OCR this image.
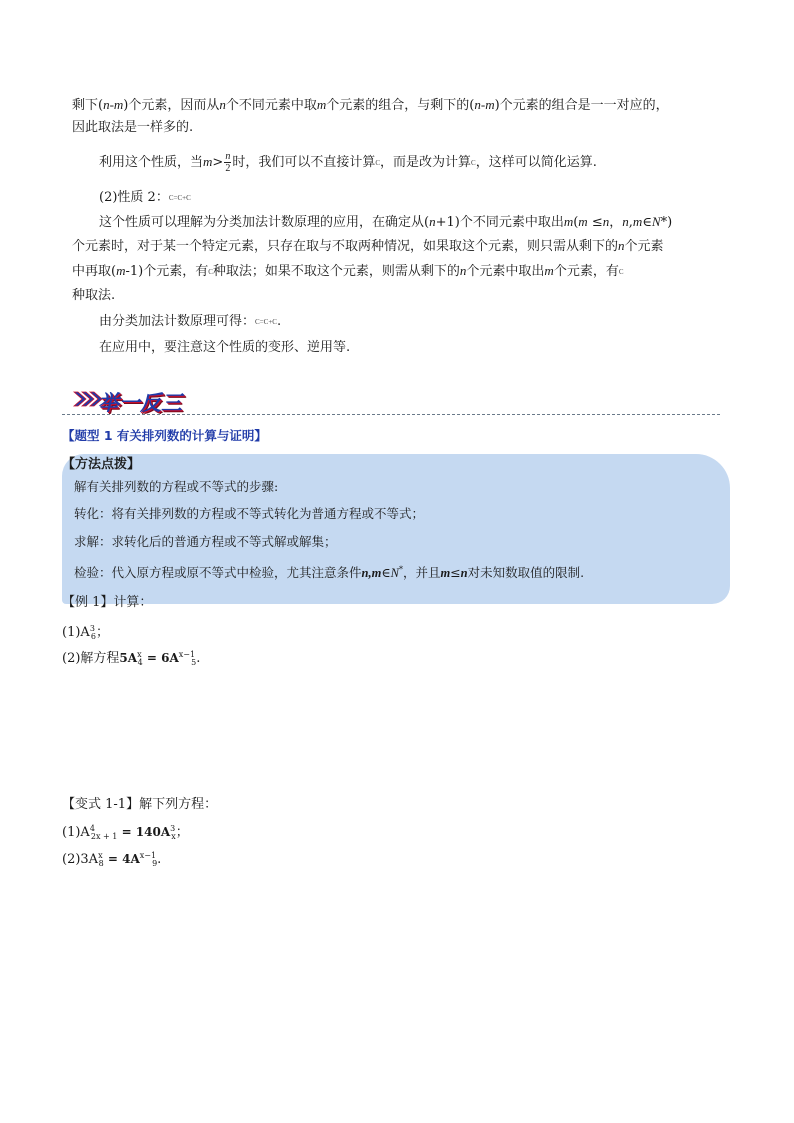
剩下(n-m)个元素，因而从n个不同元素中取m个元素的组合，与剩下的(n-m)个元素的组合是一一对应的，
因此取法是一样多的.
利用这个性质，当$m> \frac{n}{2}$ 时，我们可以不直接计算C，而是改为计算C，这样可以简化运算.
(2)性质 2：C=C+C
这个性质可以理解为分类加法计数原理的应用，在确定从(n+1)个不同元素中取出m(m ≤n，n,m∈N*)
个元素时，对于某一个特定元素，只存在取与不取两种情况，如果取这个元素，则只需从剩下的n个元素
中再取(m-1)个元素，有C种取法；如果不取这个元素，则需从剩下的n个元素中取出m个元素，有C
种取法.
由分类加法计数原理可得：C=C+C.
在应用中，要注意这个性质的变形、逆用等.
举一反三
【题型 1 有关排列数的计算与证明】
【方法点拨】
解有关排列数的方程或不等式的步骤:
转化：将有关排列数的方程或不等式转化为普通方程或不等式；
求解：求转化后的普通方程或不等式解或解集；
检验：代入原方程或原不等式中检验，尤其注意条件n,m∈N*，并且m≤n对未知数取值的限制.
【例 1】计算：
$(1)A^3_6$；
(2)解方程$5A^x_4 = 6A^{x-1}_5$.
【变式 1-1】解下列方程：
$(1)A^4_{2x + 1} = 140A^3_x$；
$(2)3A^x_8 = 4A^{x-1}_9$.
